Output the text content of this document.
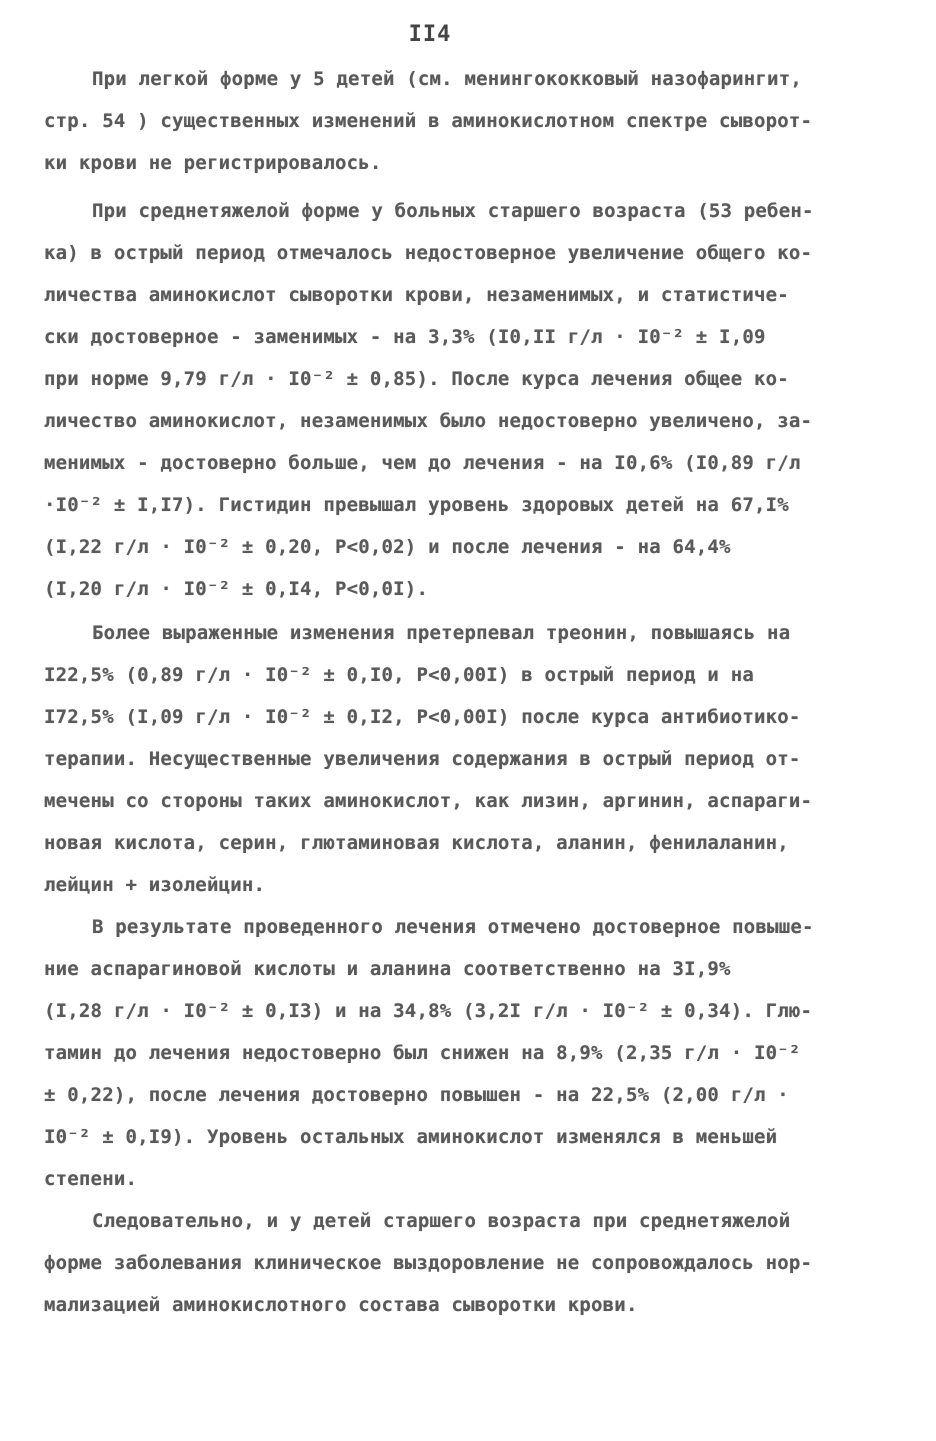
II4
При легкой форме у 5 детей (см. менингококковый назофарингит,
стр. 54 ) существенных изменений в аминокислотном спектре сыворот-
ки крови не регистрировалось.
При среднетяжелой форме у больных старшего возраста (53 ребен-
ка) в острый период отмечалось недостоверное увеличение общего ко-
личества аминокислот сыворотки крови, незаменимых, и статистиче-
ски достоверное - заменимых - на 3,3% (I0,II г/л · I0⁻² ± I,09
при норме 9,79 г/л · I0⁻² ± 0,85). После курса лечения общее ко-
личество аминокислот, незаменимых было недостоверно увеличено, за-
менимых - достоверно больше, чем до лечения - на I0,6% (I0,89 г/л
·I0⁻² ± I,I7). Гистидин превышал уровень здоровых детей на 67,I%
(I,22 г/л · I0⁻² ± 0,20, P<0,02) и после лечения - на 64,4%
(I,20 г/л · I0⁻² ± 0,I4, P<0,0I).
Более выраженные изменения претерпевал треонин, повышаясь на
I22,5% (0,89 г/л · I0⁻² ± 0,I0, P<0,00I) в острый период и на
I72,5% (I,09 г/л · I0⁻² ± 0,I2, P<0,00I) после курса антибиотико-
терапии. Несущественные увеличения содержания в острый период от-
мечены со стороны таких аминокислот, как лизин, аргинин, аспараги-
новая кислота, серин, глютаминовая кислота, аланин, фенилаланин,
лейцин + изолейцин.
В результате проведенного лечения отмечено достоверное повыше-
ние аспарагиновой кислоты и аланина соответственно на 3I,9%
(I,28 г/л · I0⁻² ± 0,I3) и на 34,8% (3,2I г/л · I0⁻² ± 0,34). Глю-
тамин до лечения недостоверно был снижен на 8,9% (2,35 г/л · I0⁻²
± 0,22), после лечения достоверно повышен - на 22,5% (2,00 г/л ·
I0⁻² ± 0,I9). Уровень остальных аминокислот изменялся в меньшей
степени.
Следовательно, и у детей старшего возраста при среднетяжелой
форме заболевания клиническое выздоровление не сопровождалось нор-
мализацией аминокислотного состава сыворотки крови.
